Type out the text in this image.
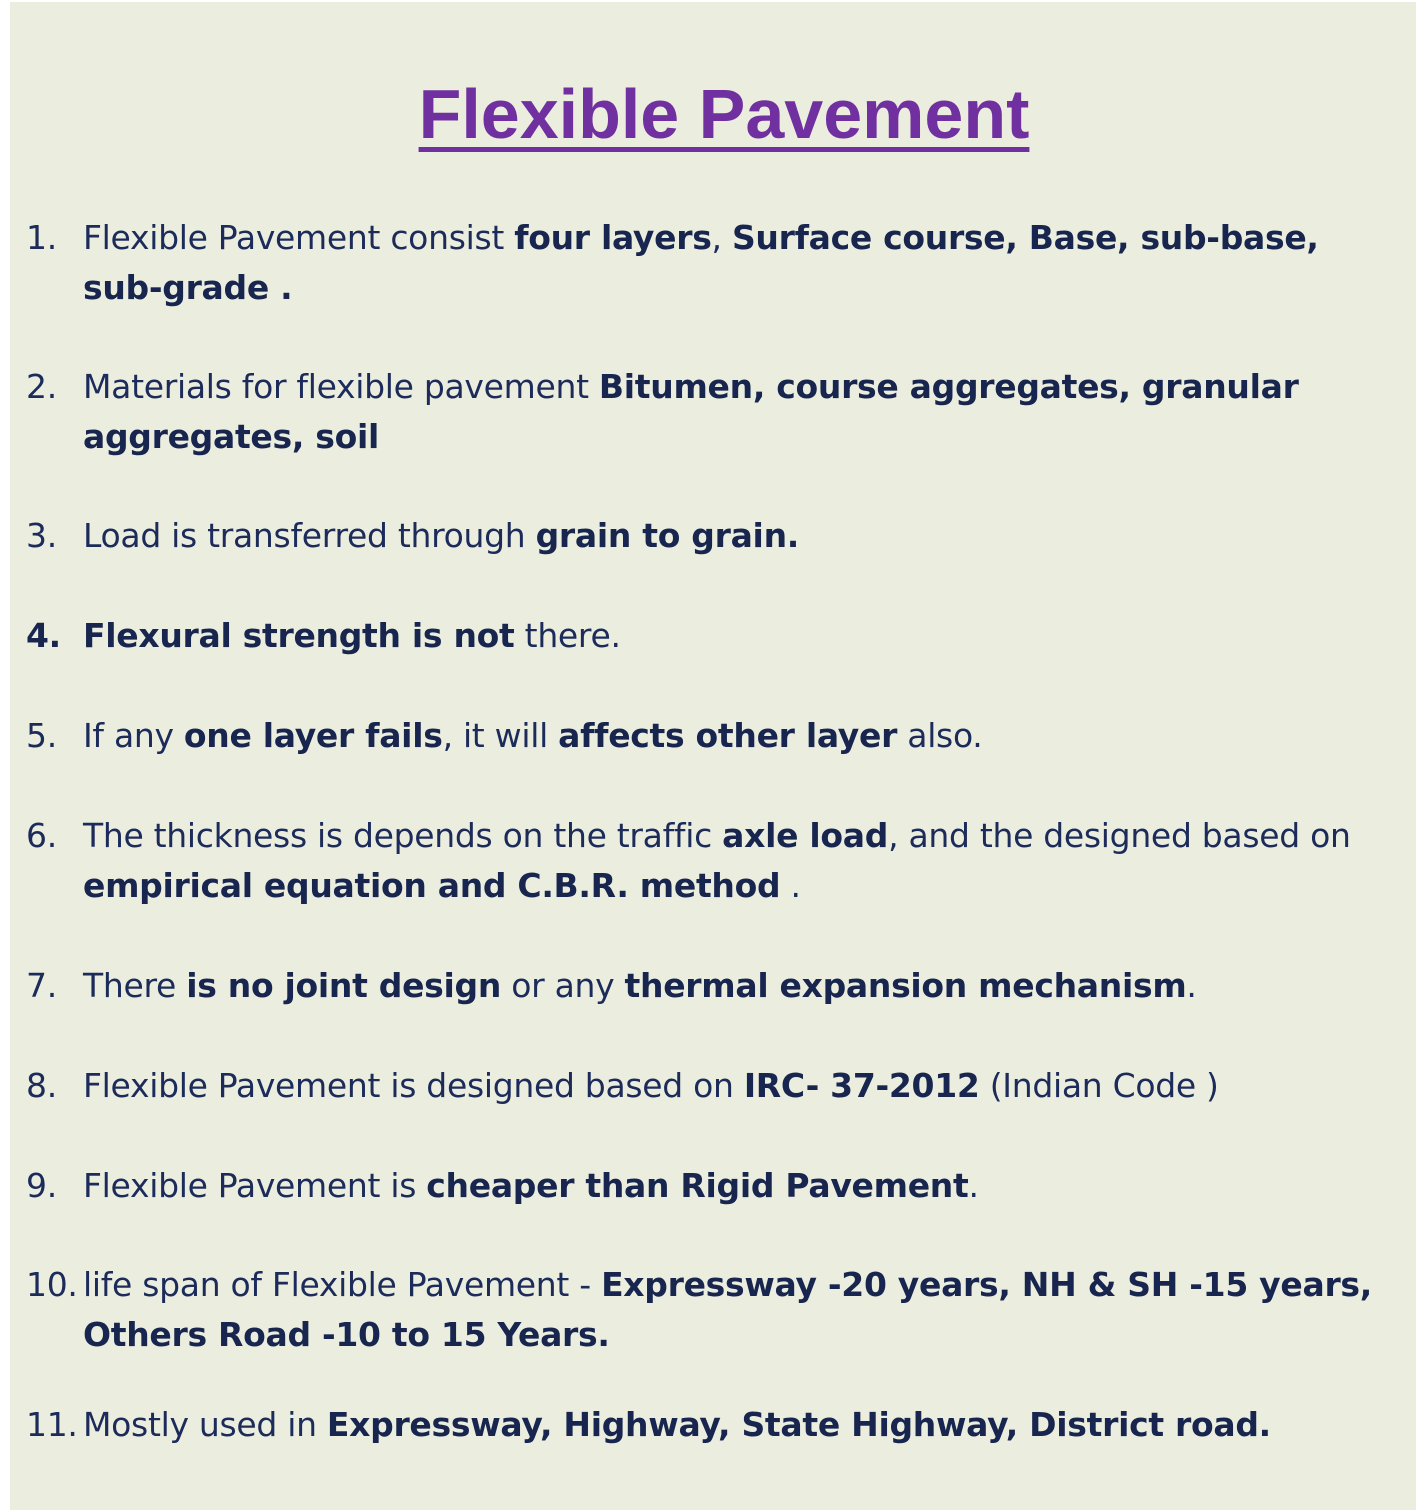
Flexible Pavement
1. Flexible Pavement consist four layers, Surface course, Base, sub-base, sub-grade .
2. Materials for flexible pavement Bitumen, course aggregates, granular aggregates, soil
3. Load is transferred through grain to grain.
4. Flexural strength is not there.
5. If any one layer fails, it will affects other layer also.
6. The thickness is depends on the traffic axle load, and the designed based on empirical equation and C.B.R. method .
7. There is no joint design or any thermal expansion mechanism.
8. Flexible Pavement is designed based on IRC- 37-2012 (Indian Code )
9. Flexible Pavement is cheaper than Rigid Pavement.
10. life span of Flexible Pavement - Expressway -20 years, NH & SH -15 years, Others Road -10 to 15 Years.
11. Mostly used in Expressway, Highway, State Highway, District road.
